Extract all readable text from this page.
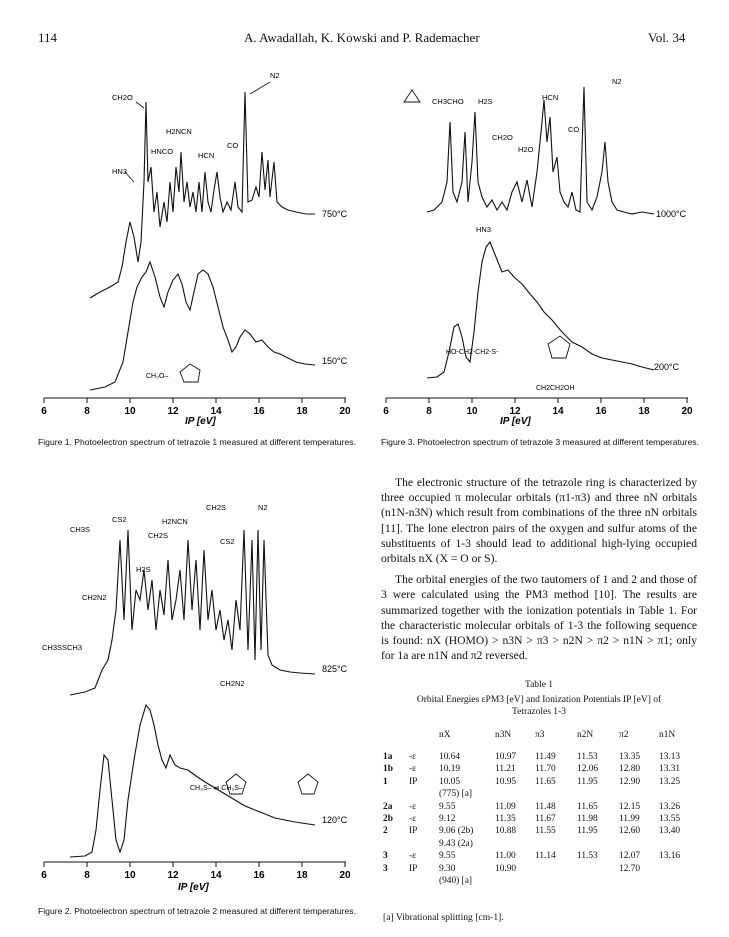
114	A. Awadallah, K. Kowski and P. Rademacher	Vol. 34
6	8	10	12	14	16	18	20
IP [eV]
750°C
150°C
CH2O
HN3
HNCO
H2NCN
HCN
CO
N2
CH₃O–
Figure 1. Photoelectron spectrum of tetrazole 1 measured at different temperatures.
6	8	10	12	14	16	18	20
IP [eV]
1000°C
200°C
CH3CHO H2S	HCN
N2
CO
CH2O
H2O
HN3
HO-CH2-CH2-S-
CH2CH2OH
Figure 3. Photoelectron spectrum of tetrazole 3 measured at different temperatures.
6	8	10	12	14	16	18	20
IP [eV]
825°C
120°C
CS2
CH3S
H2NCN
CH2S
CH2S
H2S
CS2
N2
CH2N2
CH3SSCH3
CH2N2
CH₃S– ⇌ CH₃S–
Figure 2. Photoelectron spectrum of tetrazole 2 measured at different temperatures.

The electronic structure of the tetrazole ring is characterized by three occupied π molecular orbitals (π1-π3) and three nN orbitals (n1N-n3N) which result from combinations of the three nN orbitals [11]. The lone electron pairs of the oxygen and sulfur atoms of the substituents of 1-3 should lead to additional high-lying occupied orbitals nX (X = O or S).

The orbital energies of the two tautomers of 1 and 2 and those of 3 were calculated using the PM3 method [10]. The results are summarized together with the ionization potentials in Table 1. For the characteristic molecular orbitals of 1-3 the following sequence is found: nX (HOMO) > n3N > π3 > n2N > π2 > n1N > π1; only for 1a are n1N and π2 reversed.

Table 1
Orbital Energies εPM3 [eV] and Ionization Potentials IP [eV] of
Tetrazoles 1-3
		nX	n3N	π3	n2N	π2	n1N
1a	-ε	10.64	10.97	11.49	11.53	13.35	13.13
1b	-ε	10.19	11.21	11.70	12.06	12.80	13.31
1	IP	10.05	10.95	11.65	11.95	12.90	13.25
		(775) [a]					
2a	-ε	9.55	11.09	11.48	11.65	12.15	13.26
2b	-ε	9.12	11.35	11.67	11.98	11.99	13.55
2	IP	9.06 (2b)	10.88	11.55	11.95	12.60	13.40
		9.43 (2a)					
3	-ε	9.55	11.00	11.14	11.53	12.07	13.16
3	IP	9.30	10.90			12.70	
		(940) [a]					
[a] Vibrational splitting [cm-1].
